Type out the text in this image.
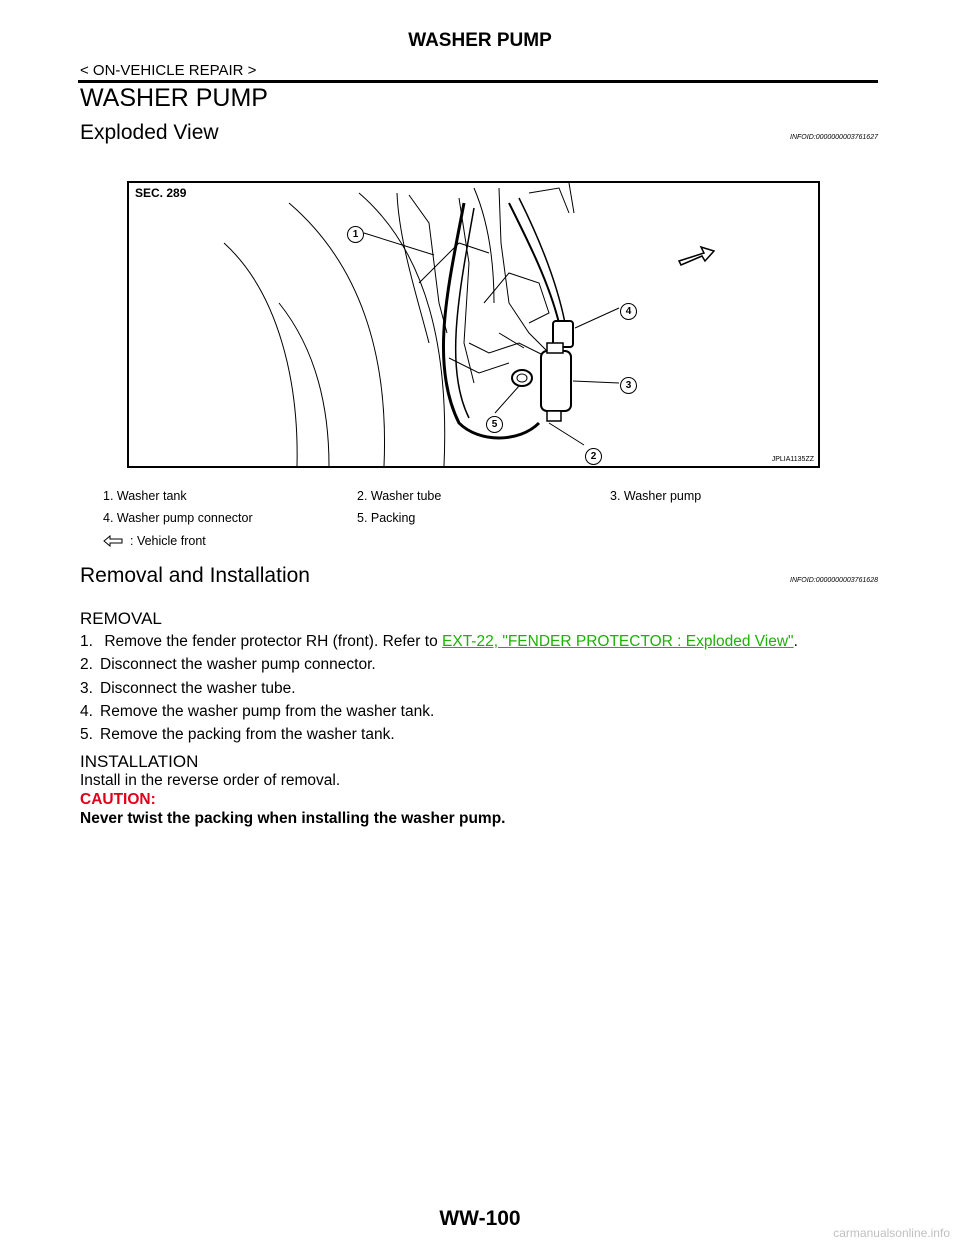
WASHER PUMP
< ON-VEHICLE REPAIR >
WASHER PUMP
Exploded View	INFOID:0000000003761627
SEC. 289
1
2
3
4
5
JPLIA1135ZZ
1. Washer tank	2. Washer tube	3. Washer pump
4. Washer pump connector	5. Packing
: Vehicle front
Removal and Installation	INFOID:0000000003761628
REMOVAL
1. Remove the fender protector RH (front). Refer to EXT-22, "FENDER PROTECTOR : Exploded View".
2. Disconnect the washer pump connector.
3. Disconnect the washer tube.
4. Remove the washer pump from the washer tank.
5. Remove the packing from the washer tank.
INSTALLATION
Install in the reverse order of removal.
CAUTION:
Never twist the packing when installing the washer pump.
WW-100
carmanualsonline.info
